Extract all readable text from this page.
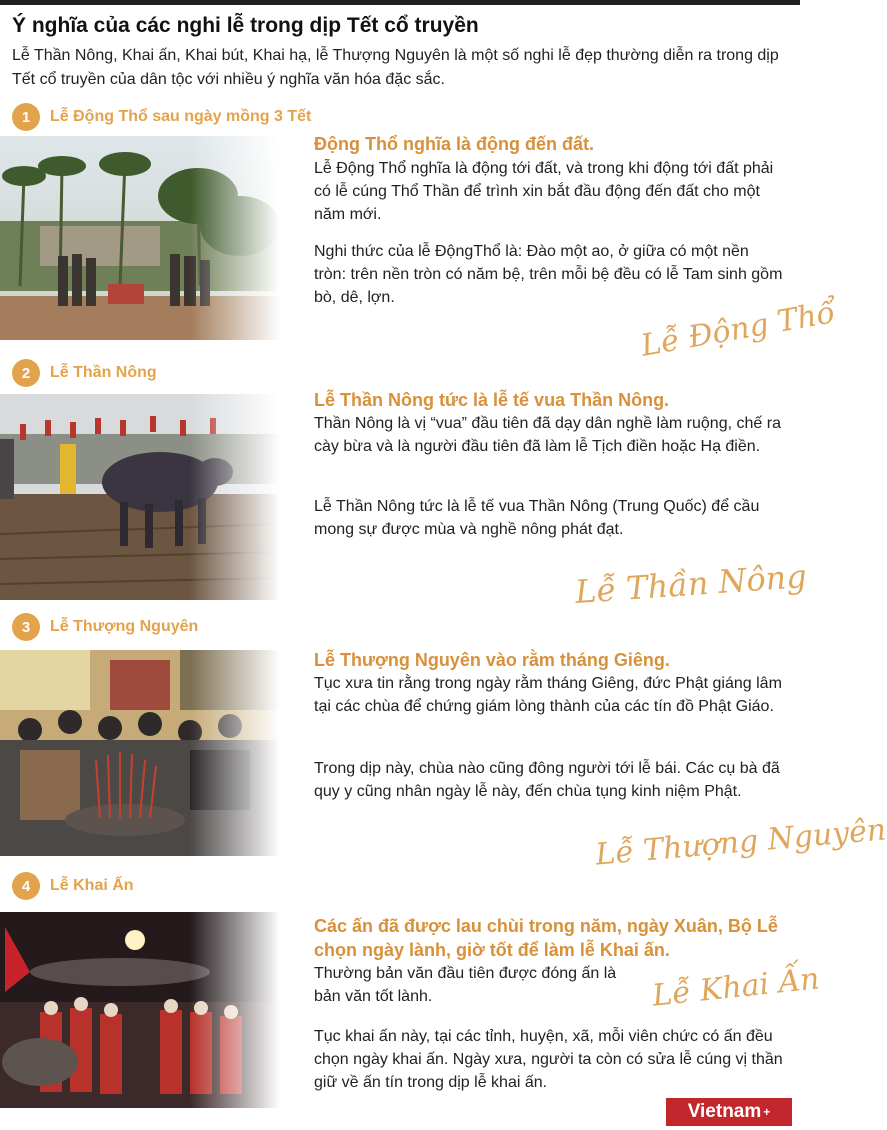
Ý nghĩa của các nghi lễ trong dịp Tết cổ truyền
Lễ Thần Nông, Khai ấn, Khai bút, Khai hạ, lễ Thượng Nguyên là một số nghi lễ đẹp thường diễn ra trong dịp Tết cổ truyền của dân tộc với nhiều ý nghĩa văn hóa đặc sắc.
1	Lễ Động Thổ sau ngày mồng 3 Tết
Động Thổ nghĩa là động đến đất.
Lễ Động Thổ nghĩa là động tới đất, và trong khi động tới đất phải có lễ cúng Thổ Thần để trình xin bắt đầu động đến đất cho một năm mới.
Nghi thức của lễ ĐộngThổ là: Đào một ao, ở giữa có một nền tròn: trên nền tròn có năm bệ, trên mỗi bệ đều có lễ Tam sinh gồm bò, dê, lợn.	Lễ Động Thổ
2	Lễ Thần Nông
Lễ Thần Nông tức là lễ tế vua Thần Nông.
Thần Nông là vị “vua” đầu tiên đã dạy dân nghề làm ruộng, chế ra cày bừa và là người đầu tiên đã làm lễ Tịch điền hoặc Hạ điền.
Lễ Thần Nông tức là lễ tế vua Thần Nông (Trung Quốc) để cầu mong sự được mùa và nghề nông phát đạt.
Lễ Thần Nông
3	Lễ Thượng Nguyên
Lễ Thượng Nguyên vào rằm tháng Giêng.
Tục xưa tin rằng trong ngày rằm tháng Giêng, đức Phật giáng lâm tại các chùa để chứng giám lòng thành của các tín đồ Phật Giáo.
Trong dịp này, chùa nào cũng đông người tới lễ bái. Các cụ bà đã quy y cũng nhân ngày lễ này, đến chùa tụng kinh niệm Phật.
Lễ Thượng Nguyên
4	Lễ Khai Ấn
Các ấn đã được lau chùi trong năm, ngày Xuân, Bộ Lễ chọn ngày lành, giờ tốt để làm lễ Khai ấn.
Thường bản văn đầu tiên được đóng ấn là bản văn tốt lành.
Tục khai ấn này, tại các tỉnh, huyện, xã, mỗi viên chức có ấn đều chọn ngày khai ấn. Ngày xưa, người ta còn có sửa lễ cúng vị thần giữ về ấn tín trong dịp lễ khai ấn.
Lễ Khai Ấn
Vietnam +
